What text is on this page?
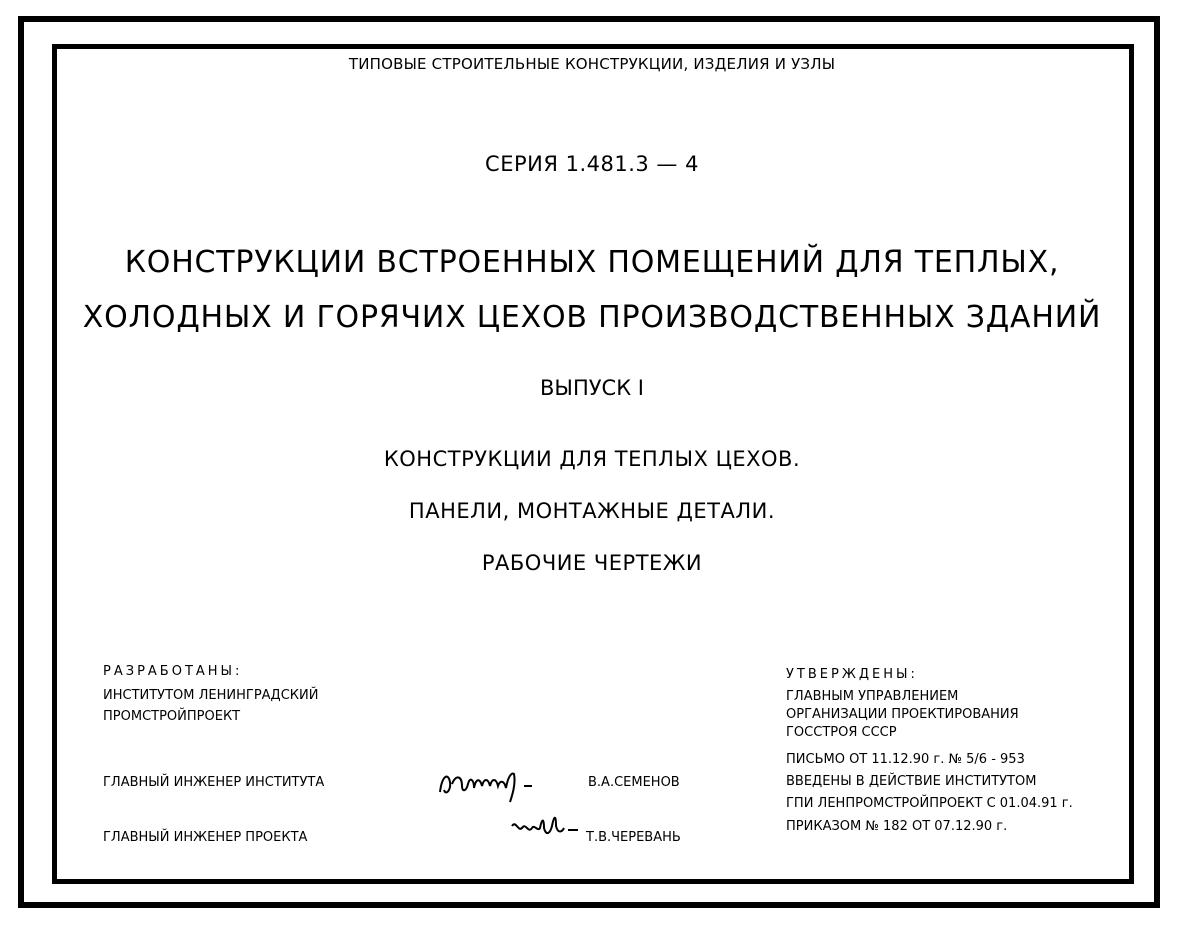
ТИПОВЫЕ СТРОИТЕЛЬНЫЕ КОНСТРУКЦИИ, ИЗДЕЛИЯ И УЗЛЫ
СЕРИЯ 1.481.3 — 4
КОНСТРУКЦИИ ВСТРОЕННЫХ ПОМЕЩЕНИЙ ДЛЯ ТЕПЛЫХ,
ХОЛОДНЫХ И ГОРЯЧИХ ЦЕХОВ ПРОИЗВОДСТВЕННЫХ ЗДАНИЙ
ВЫПУСК I
КОНСТРУКЦИИ ДЛЯ ТЕПЛЫХ ЦЕХОВ.
ПАНЕЛИ, МОНТАЖНЫЕ ДЕТАЛИ.
РАБОЧИЕ ЧЕРТЕЖИ
РАЗРАБОТАНЫ:
ИНСТИТУТОМ ЛЕНИНГРАДСКИЙ
ПРОМСТРОЙПРОЕКТ
ГЛАВНЫЙ ИНЖЕНЕР ИНСТИТУТА	В.А.СЕМЕНОВ
ГЛАВНЫЙ ИНЖЕНЕР ПРОЕКТА	Т.В.ЧЕРЕВАНЬ
УТВЕРЖДЕНЫ:
ГЛАВНЫМ УПРАВЛЕНИЕМ
ОРГАНИЗАЦИИ ПРОЕКТИРОВАНИЯ
ГОССТРОЯ СССР
ПИСЬМО ОТ 11.12.90 г. № 5/6 - 953
ВВЕДЕНЫ В ДЕЙСТВИЕ ИНСТИТУТОМ
ГПИ ЛЕНПРОМСТРОЙПРОЕКТ С 01.04.91 г.
ПРИКАЗОМ № 182 ОТ 07.12.90 г.
